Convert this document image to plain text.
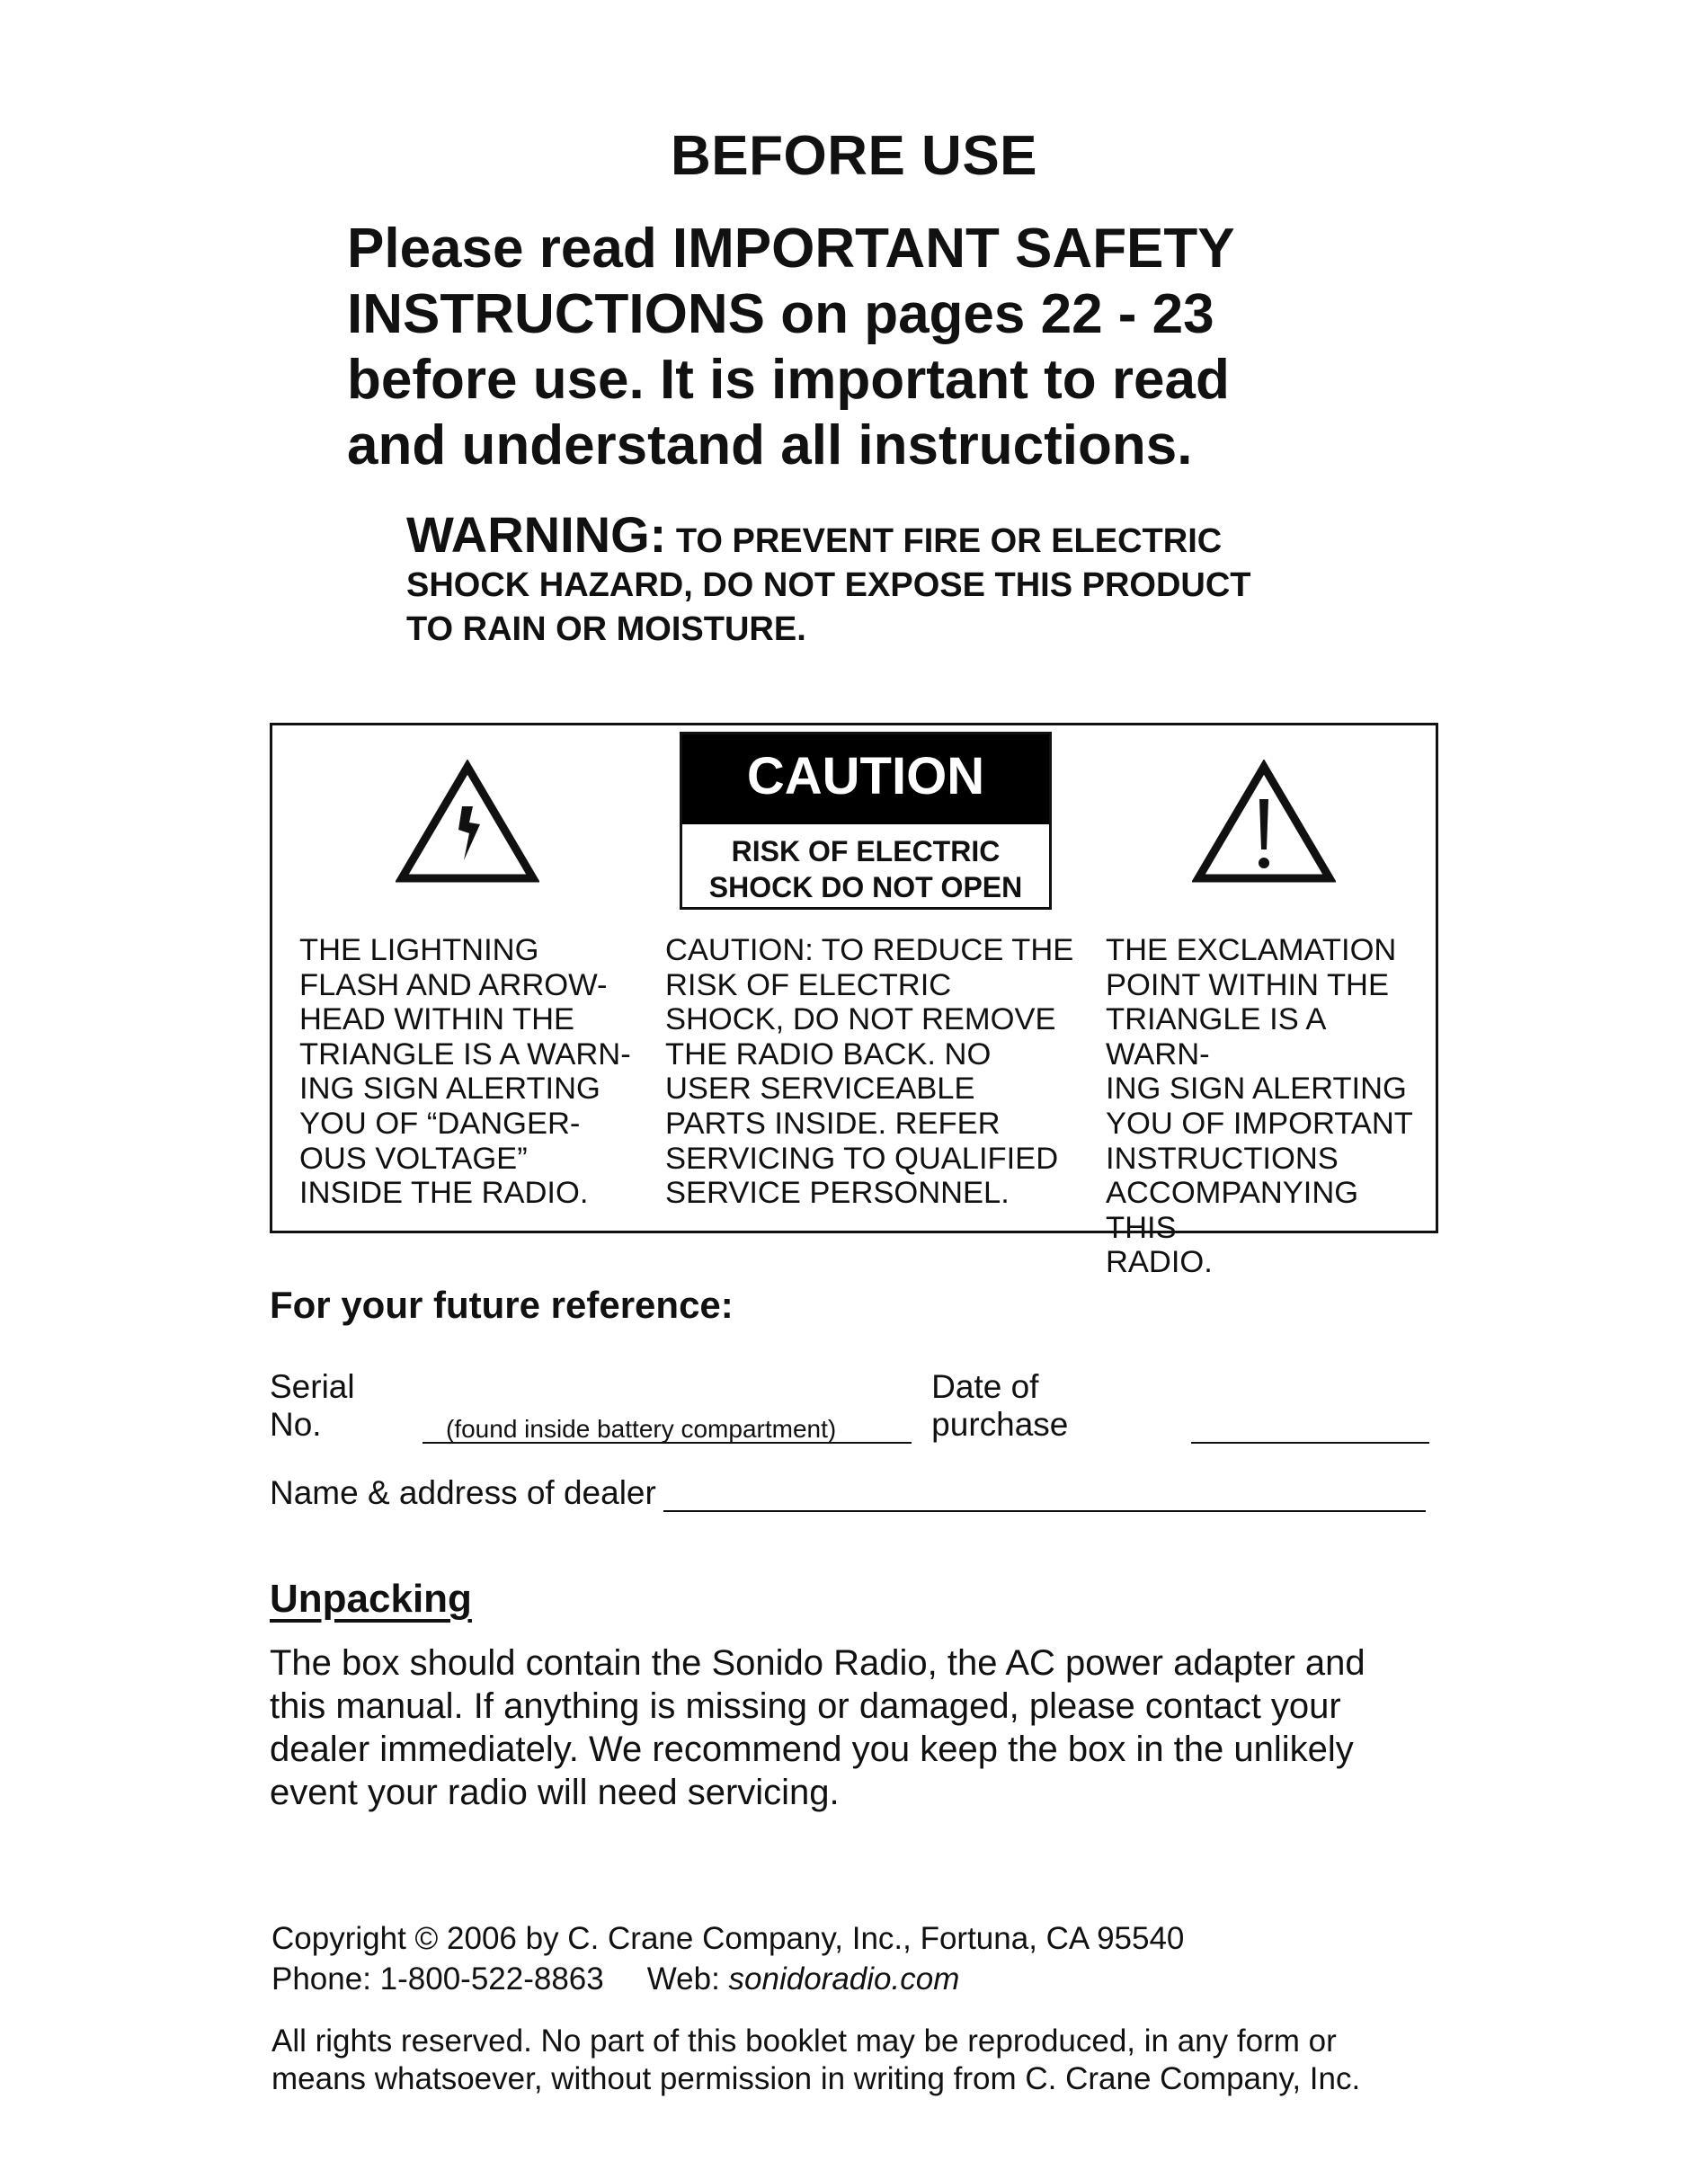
BEFORE USE
Please read IMPORTANT SAFETY
INSTRUCTIONS on pages 22 - 23
before use. It is important to read
and understand all instructions.
WARNING: TO PREVENT FIRE OR ELECTRIC
SHOCK HAZARD, DO NOT EXPOSE THIS PRODUCT
TO RAIN OR MOISTURE.
CAUTION
RISK OF ELECTRIC
SHOCK DO NOT OPEN
THE LIGHTNING
FLASH AND ARROW-
HEAD WITHIN THE
TRIANGLE IS A WARN-
ING SIGN ALERTING
YOU OF “DANGER-
OUS VOLTAGE”
INSIDE THE RADIO.
CAUTION: TO REDUCE THE
RISK OF ELECTRIC
SHOCK, DO NOT REMOVE
THE RADIO BACK. NO
USER SERVICEABLE
PARTS INSIDE. REFER
SERVICING TO QUALIFIED
SERVICE PERSONNEL.
THE EXCLAMATION
POINT WITHIN THE
TRIANGLE IS A WARN-
ING SIGN ALERTING
YOU OF IMPORTANT
INSTRUCTIONS
ACCOMPANYING THIS
RADIO.
For your future reference:
Serial No.
Date of purchase
(found inside battery compartment)
Name & address of dealer
Unpacking
The box should contain the Sonido Radio, the AC power adapter and
this manual. If anything is missing or damaged, please contact your
dealer immediately. We recommend you keep the box in the unlikely
event your radio will need servicing.
Copyright © 2006 by C. Crane Company, Inc., Fortuna, CA 95540
Phone: 1-800-522-8863 Web: sonidoradio.com
All rights reserved. No part of this booklet may be reproduced, in any form or
means whatsoever, without permission in writing from C. Crane Company, Inc.
